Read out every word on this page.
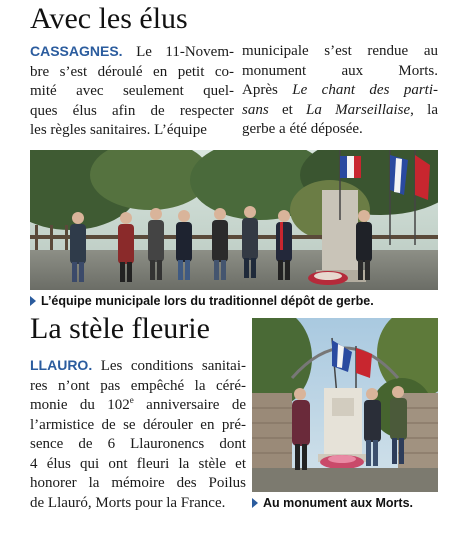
Avec les élus
CASSAGNES. Le 11-Novem-
bre s’est déroulé en petit co-
mité avec seulement quel-
ques élus afin de respecter
les règles sanitaires. L’équipe
municipale s’est rendue au
monument aux Morts.
Après Le chant des parti-
sans et La Marseillaise, la
gerbe a été déposée.
L’équipe municipale lors du traditionnel dépôt de gerbe.
La stèle fleurie
LLAURO. Les conditions sanitai-
res n’ont pas empêché la céré-
monie du 102e anniversaire de
l’armistice de se dérouler en pré-
sence de 6 Llauronencs dont
4 élus qui ont fleuri la stèle et
honorer la mémoire des Poilus
de Llauró, Morts pour la France.	Au monument aux Morts.
